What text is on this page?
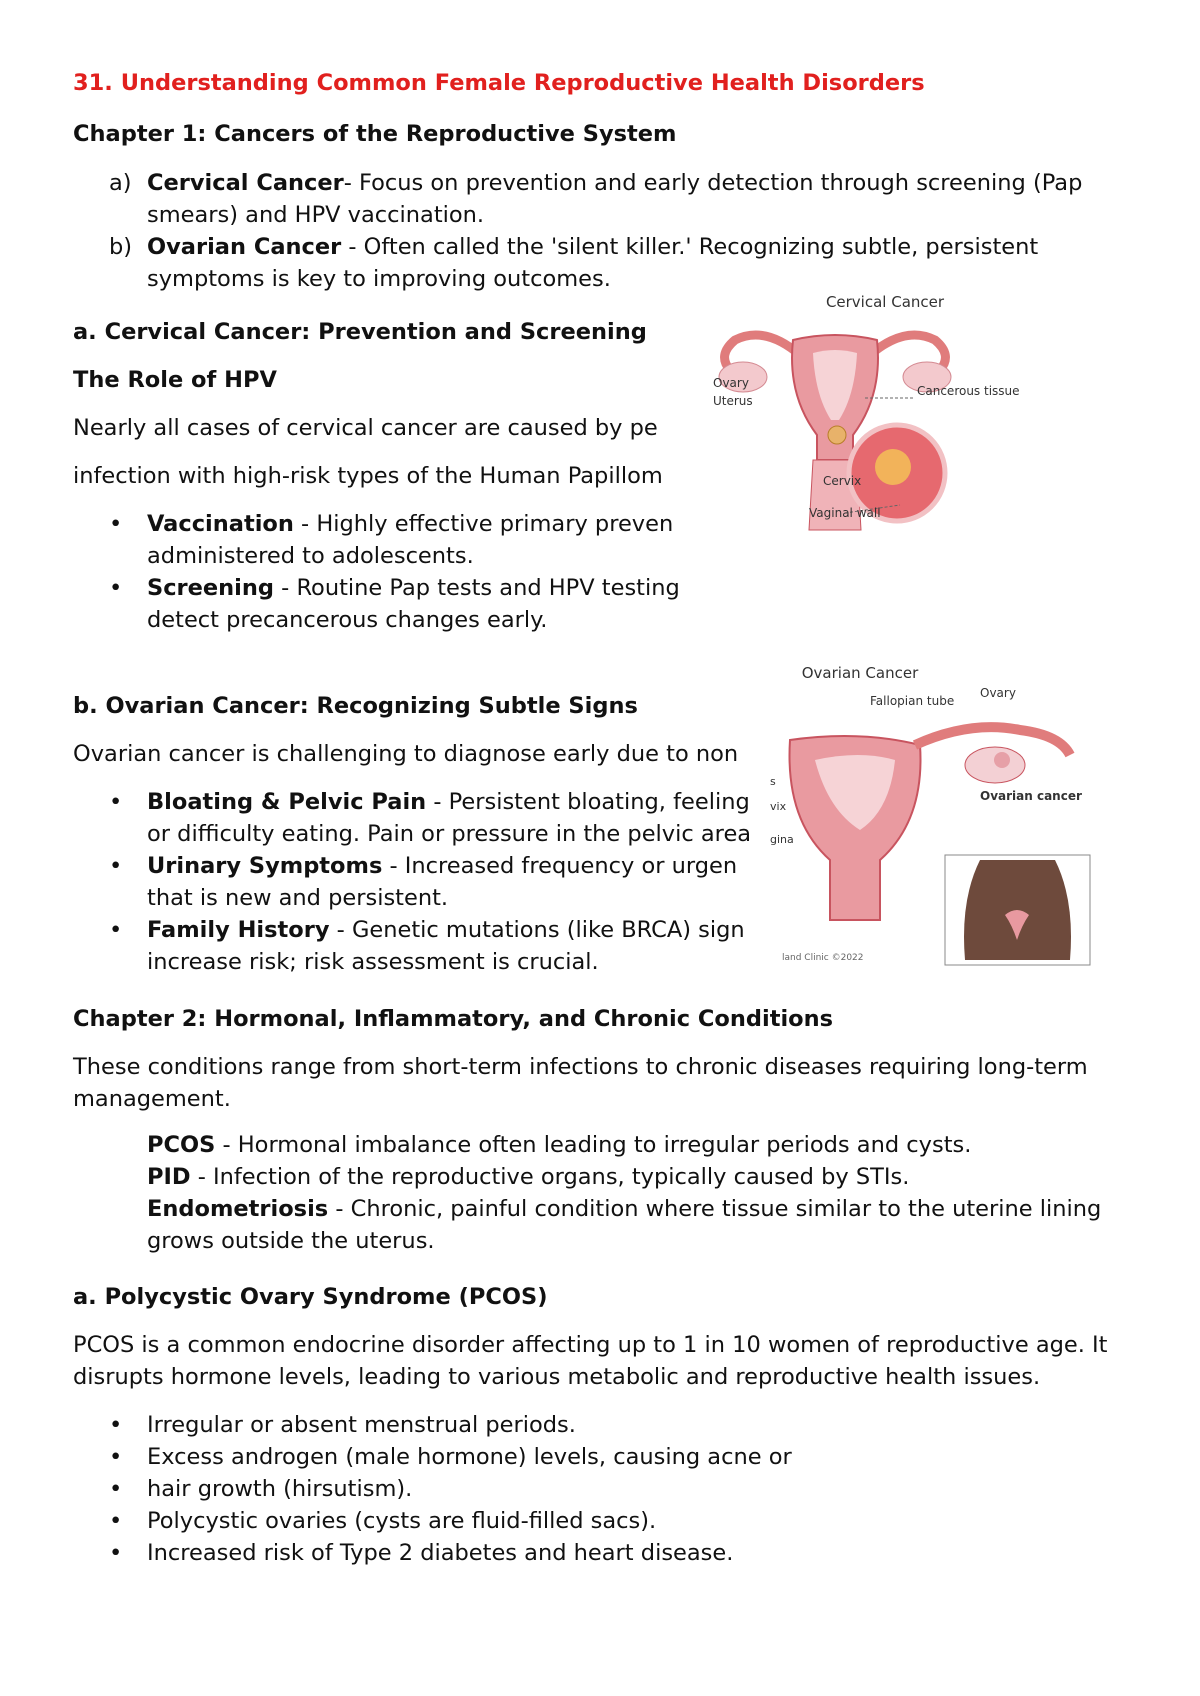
31. Understanding Common Female Reproductive Health Disorders

Chapter 1: Cancers of the Reproductive System

a) Cervical Cancer- Focus on prevention and early detection through screening (Pap smears) and HPV vaccination.
b) Ovarian Cancer - Often called the 'silent killer.' Recognizing subtle, persistent symptoms is key to improving outcomes.

a. Cervical Cancer: Prevention and Screening

The Role of HPV

Nearly all cases of cervical cancer are caused by pe

infection with high-risk types of the Human Papillom

• Vaccination - Highly effective primary preven
administered to adolescents.
• Screening - Routine Pap tests and HPV testing
detect precancerous changes early.

b. Ovarian Cancer: Recognizing Subtle Signs

Ovarian cancer is challenging to diagnose early due to non

• Bloating & Pelvic Pain - Persistent bloating, feeling
or difficulty eating. Pain or pressure in the pelvic area
• Urinary Symptoms - Increased frequency or urgen
that is new and persistent.
• Family History - Genetic mutations (like BRCA) sign
increase risk; risk assessment is crucial.

Chapter 2: Hormonal, Inflammatory, and Chronic Conditions

These conditions range from short-term infections to chronic diseases requiring long-term management.

PCOS - Hormonal imbalance often leading to irregular periods and cysts.
PID - Infection of the reproductive organs, typically caused by STIs.
Endometriosis - Chronic, painful condition where tissue similar to the uterine lining grows outside the uterus.

a. Polycystic Ovary Syndrome (PCOS)

PCOS is a common endocrine disorder affecting up to 1 in 10 women of reproductive age. It disrupts hormone levels, leading to various metabolic and reproductive health issues.

• Irregular or absent menstrual periods.
• Excess androgen (male hormone) levels, causing acne or
• hair growth (hirsutism).
• Polycystic ovaries (cysts are fluid-filled sacs).
• Increased risk of Type 2 diabetes and heart disease.
Cervical Cancer
Ovary
Uterus
Cancerous tissue
Cervix
Vaginal wall
Ovarian Cancer
Fallopian tube
Ovary
Ovarian cancer
s
vix
gina
land Clinic ©2022
